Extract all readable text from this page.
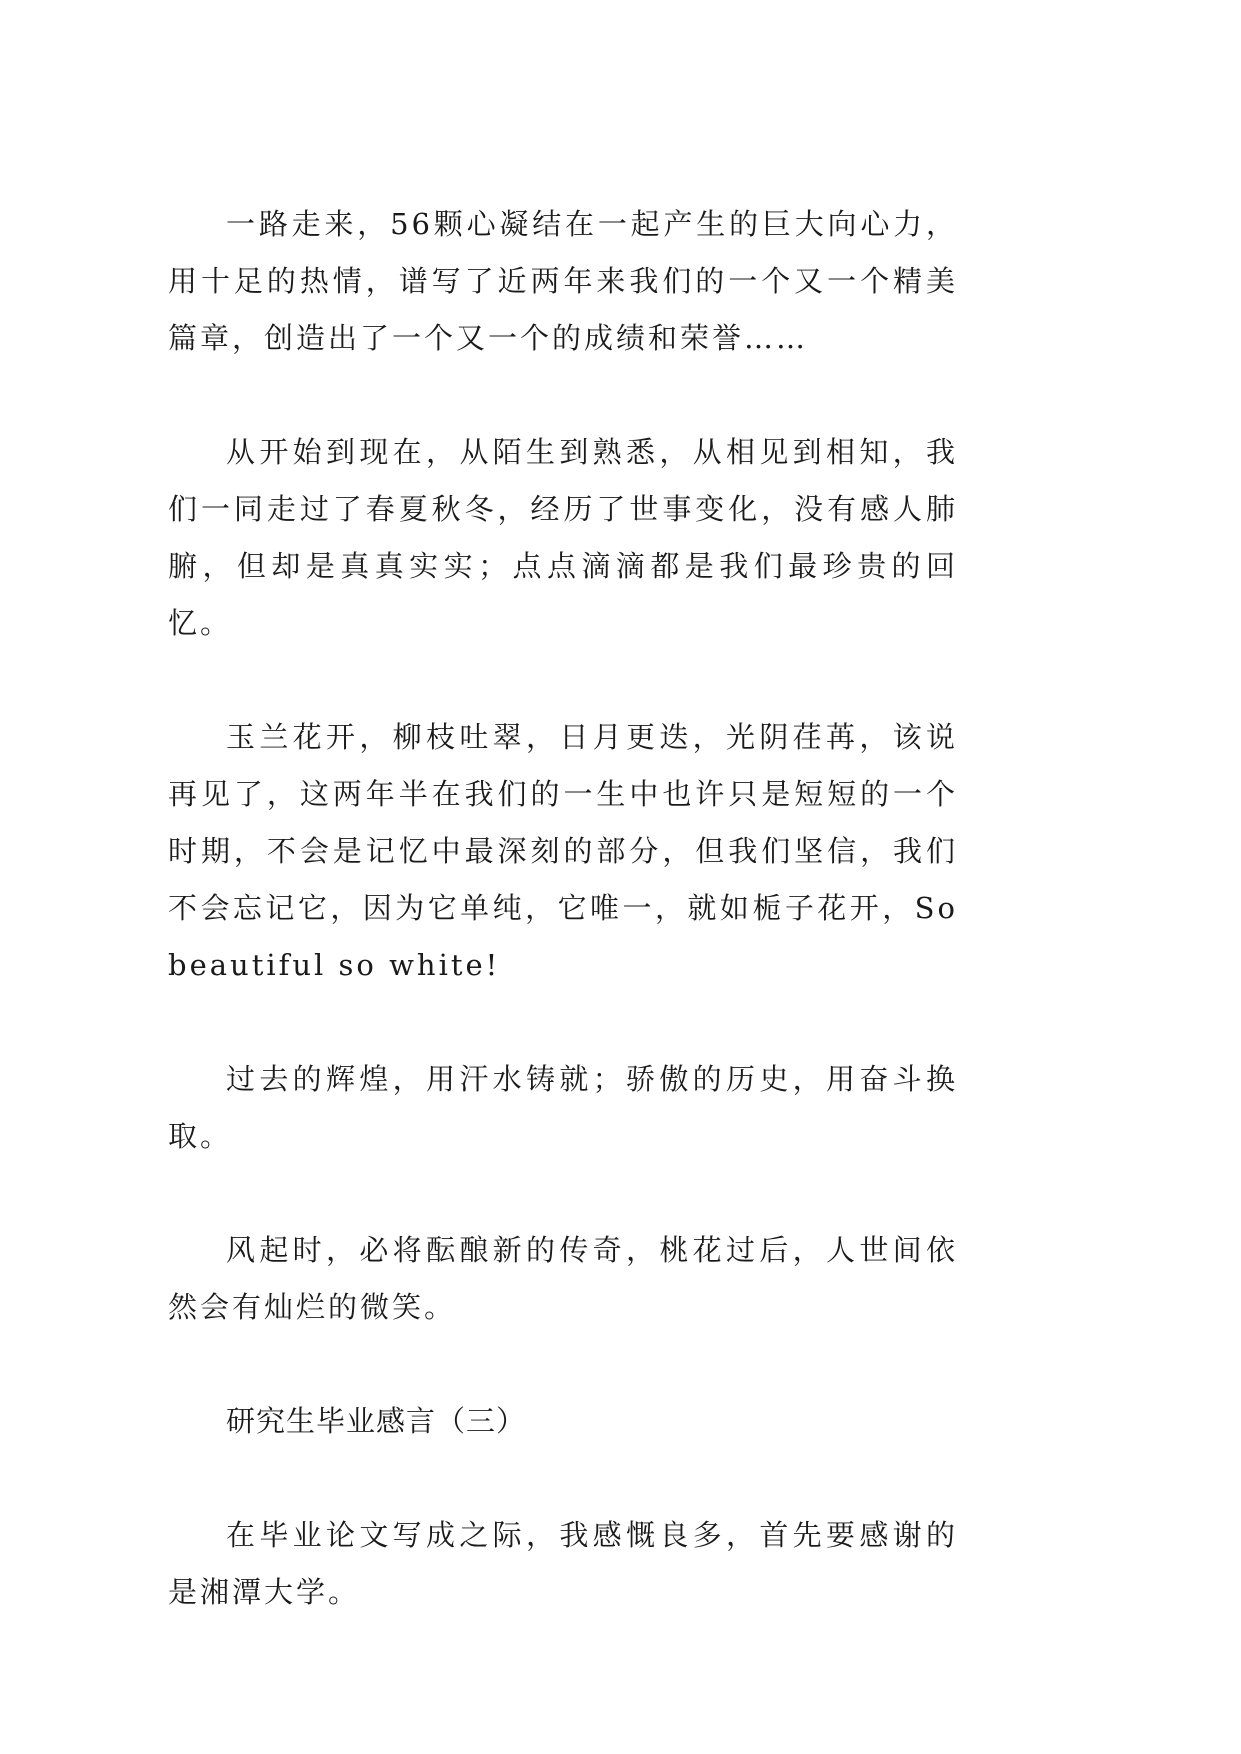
一路走来，56颗心凝结在一起产生的巨大向心力，用十足的热情，谱写了近两年来我们的一个又一个精美篇章，创造出了一个又一个的成绩和荣誉……

从开始到现在，从陌生到熟悉，从相见到相知，我们一同走过了春夏秋冬，经历了世事变化，没有感人肺腑，但却是真真实实；点点滴滴都是我们最珍贵的回忆。

玉兰花开，柳枝吐翠，日月更迭，光阴荏苒，该说再见了，这两年半在我们的一生中也许只是短短的一个时期，不会是记忆中最深刻的部分，但我们坚信，我们不会忘记它，因为它单纯，它唯一，就如栀子花开，So beautiful so white!

过去的辉煌，用汗水铸就；骄傲的历史，用奋斗换取。

风起时，必将酝酿新的传奇，桃花过后，人世间依然会有灿烂的微笑。

研究生毕业感言（三）

在毕业论文写成之际，我感慨良多，首先要感谢的是湘潭大学。
